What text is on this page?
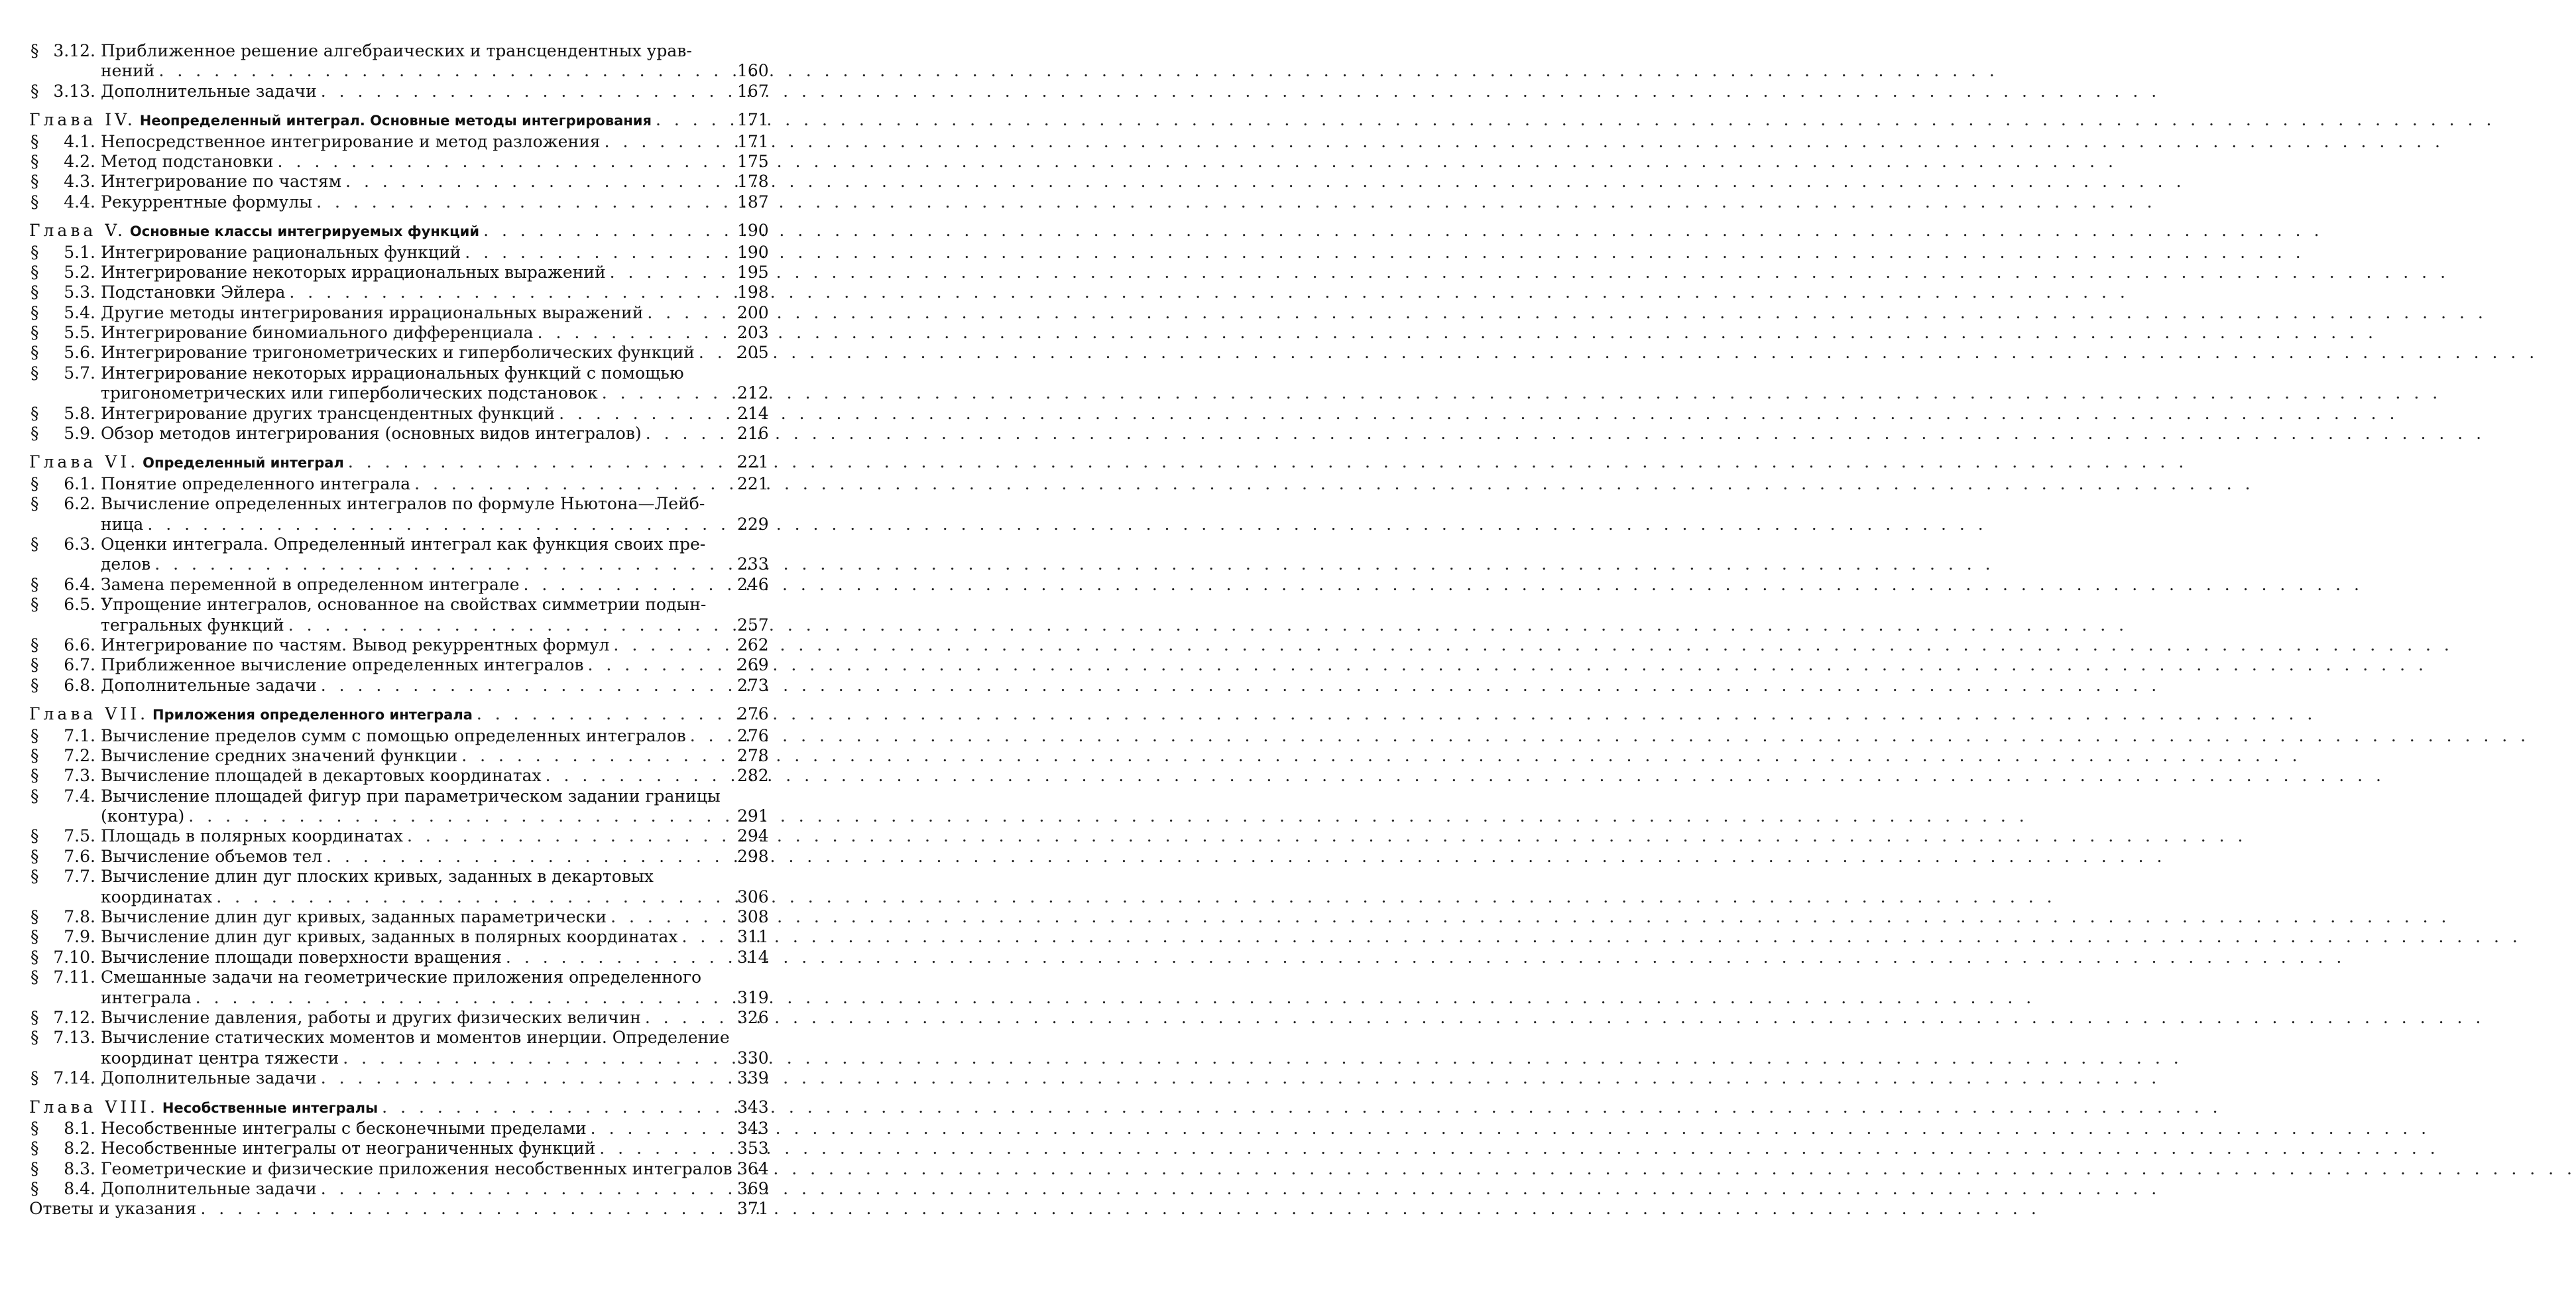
§ 3.12. Приближенное решение алгебраических и трансцендентных урав-
нений . . .	160
§ 3.13. Дополнительные задачи . . .	167
Глава IV. Неопределенный интеграл. Основные методы интегрирования . . .	171
§ 4.1. Непосредственное интегрирование и метод разложения . . .	171
§ 4.2. Метод подстановки . . .	175
§ 4.3. Интегрирование по частям . . .	178
§ 4.4. Рекуррентные формулы . . .	187
Глава V. Основные классы интегрируемых функций . . .	190
§ 5.1. Интегрирование рациональных функций . . .	190
§ 5.2. Интегрирование некоторых иррациональных выражений . . .	195
§ 5.3. Подстановки Эйлера . . .	198
§ 5.4. Другие методы интегрирования иррациональных выражений . . .	200
§ 5.5. Интегрирование биномиального дифференциала . . .	203
§ 5.6. Интегрирование тригонометрических и гиперболических функций . . .	205
§ 5.7. Интегрирование некоторых иррациональных функций с помощью
тригонометрических или гиперболических подстановок . . .	212
§ 5.8. Интегрирование других трансцендентных функций . . .	214
§ 5.9. Обзор методов интегрирования (основных видов интегралов) . . .	216
Глава VI. Определенный интеграл . . .	221
§ 6.1. Понятие определенного интеграла . . .	221
§ 6.2. Вычисление определенных интегралов по формуле Ньютона—Лейб-
ница . . .	229
§ 6.3. Оценки интеграла. Определенный интеграл как функция своих пре-
делов . . .	233
§ 6.4. Замена переменной в определенном интеграле . . .	246
§ 6.5. Упрощение интегралов, основанное на свойствах симметрии подын-
тегральных функций . . .	257
§ 6.6. Интегрирование по частям. Вывод рекуррентных формул . . .	262
§ 6.7. Приближенное вычисление определенных интегралов . . .	269
§ 6.8. Дополнительные задачи . . .	273
Глава VII. Приложения определенного интеграла . . .	276
§ 7.1. Вычисление пределов сумм с помощью определенных интегралов . . .	276
§ 7.2. Вычисление средних значений функции . . .	278
§ 7.3. Вычисление площадей в декартовых координатах . . .	282
§ 7.4. Вычисление площадей фигур при параметрическом задании границы
(контура) . . .	291
§ 7.5. Площадь в полярных координатах . . .	294
§ 7.6. Вычисление объемов тел . . .	298
§ 7.7. Вычисление длин дуг плоских кривых, заданных в декартовых
координатах . . .	306
§ 7.8. Вычисление длин дуг кривых, заданных параметрически . . .	308
§ 7.9. Вычисление длин дуг кривых, заданных в полярных координатах . . .	311
§ 7.10. Вычисление площади поверхности вращения . . .	314
§ 7.11. Смешанные задачи на геометрические приложения определенного
интеграла . . .	319
§ 7.12. Вычисление давления, работы и других физических величин . . .	326
§ 7.13. Вычисление статических моментов и моментов инерции. Определение
координат центра тяжести . . .	330
§ 7.14. Дополнительные задачи . . .	339
Глава VIII. Несобственные интегралы . . .	343
§ 8.1. Несобственные интегралы с бесконечными пределами . . .	343
§ 8.2. Несобственные интегралы от неограниченных функций . . .	353
§ 8.3. Геометрические и физические приложения несобственных интегралов . . . 364
§ 8.4. Дополнительные задачи . . .	369
Ответы и указания . . .	371
